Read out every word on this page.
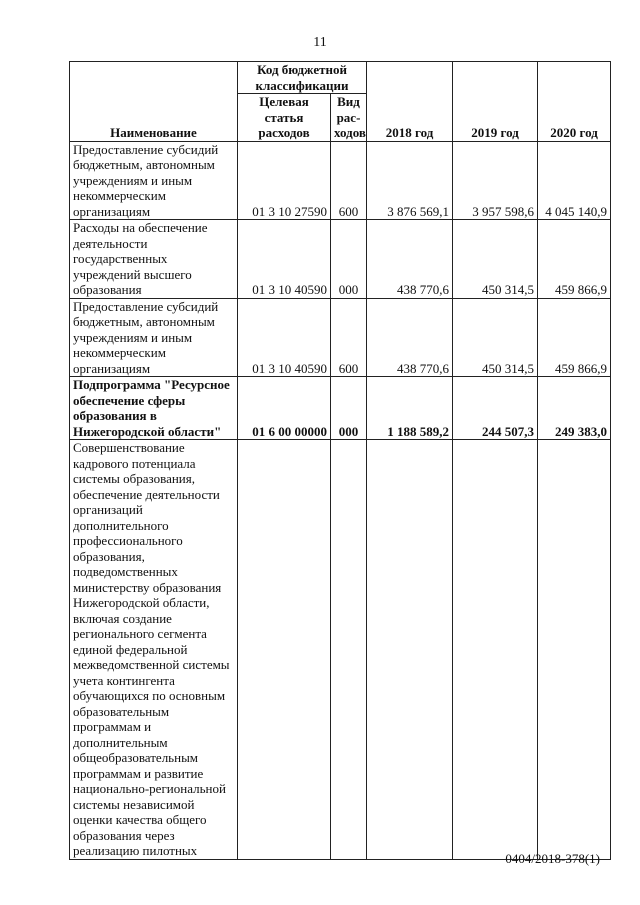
11
Наименование	Код бюджетной классификации		2018 год	2019 год	2020 год
	Целевая статья расходов	Вид рас- ходов			
Предоставление субсидий бюджетным, автономным учреждениям и иным некоммерческим организациям	01 3 10 27590	600	3 876 569,1	3 957 598,6	4 045 140,9
Расходы на обеспечение деятельности государственных учреждений высшего образования	01 3 10 40590	000	438 770,6	450 314,5	459 866,9
Предоставление субсидий бюджетным, автономным учреждениям и иным некоммерческим организациям	01 3 10 40590	600	438 770,6	450 314,5	459 866,9
Подпрограмма "Ресурсное обеспечение сферы образования в Нижегородской области"	01 6 00 00000	000	1 188 589,2	244 507,3	249 383,0
Совершенствование кадрового потенциала системы образования, обеспечение деятельности организаций дополнительного профессионального образования, подведомственных министерству образования Нижегородской области, включая создание регионального сегмента единой федеральной межведомственной системы учета контингента обучающихся по основным образовательным программам и дополнительным общеобразовательным программам и развитие национально-региональной системы независимой оценки качества общего образования через реализацию пилотных					
0404/2018-378(1)
